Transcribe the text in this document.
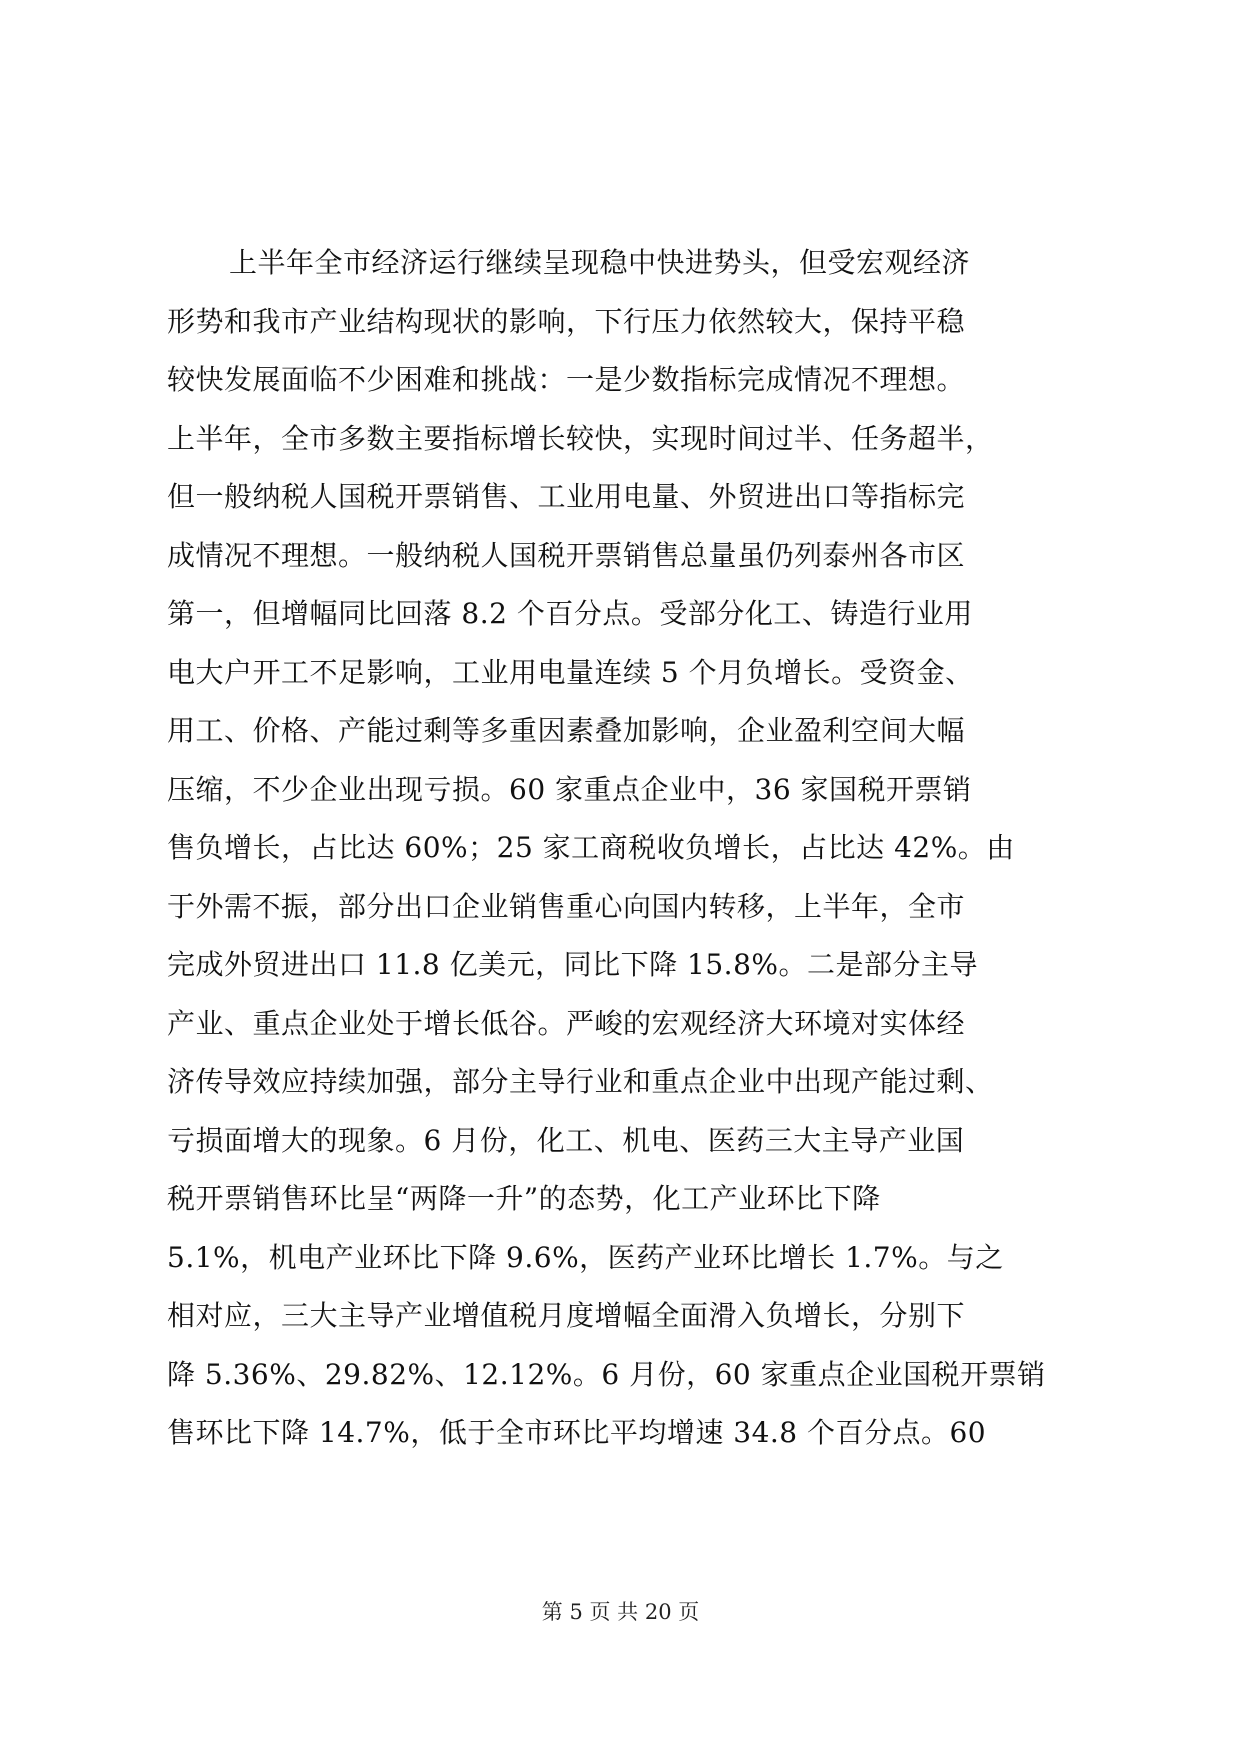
上半年全市经济运行继续呈现稳中快进势头，但受宏观经济
形势和我市产业结构现状的影响，下行压力依然较大，保持平稳
较快发展面临不少困难和挑战：一是少数指标完成情况不理想。
上半年，全市多数主要指标增长较快，实现时间过半、任务超半，
但一般纳税人国税开票销售、工业用电量、外贸进出口等指标完
成情况不理想。一般纳税人国税开票销售总量虽仍列泰州各市区
第一，但增幅同比回落 8.2 个百分点。受部分化工、铸造行业用
电大户开工不足影响，工业用电量连续 5 个月负增长。受资金、
用工、价格、产能过剩等多重因素叠加影响，企业盈利空间大幅
压缩，不少企业出现亏损。60 家重点企业中，36 家国税开票销
售负增长，占比达 60%；25 家工商税收负增长，占比达 42%。由
于外需不振，部分出口企业销售重心向国内转移，上半年，全市
完成外贸进出口 11.8 亿美元，同比下降 15.8%。二是部分主导
产业、重点企业处于增长低谷。严峻的宏观经济大环境对实体经
济传导效应持续加强，部分主导行业和重点企业中出现产能过剩、
亏损面增大的现象。6 月份，化工、机电、医药三大主导产业国
税开票销售环比呈“两降一升”的态势，化工产业环比下降
5.1%，机电产业环比下降 9.6%，医药产业环比增长 1.7%。与之
相对应，三大主导产业增值税月度增幅全面滑入负增长，分别下
降 5.36%、29.82%、12.12%。6 月份，60 家重点企业国税开票销
售环比下降 14.7%，低于全市环比平均增速 34.8 个百分点。60
第 5 页 共 20 页
